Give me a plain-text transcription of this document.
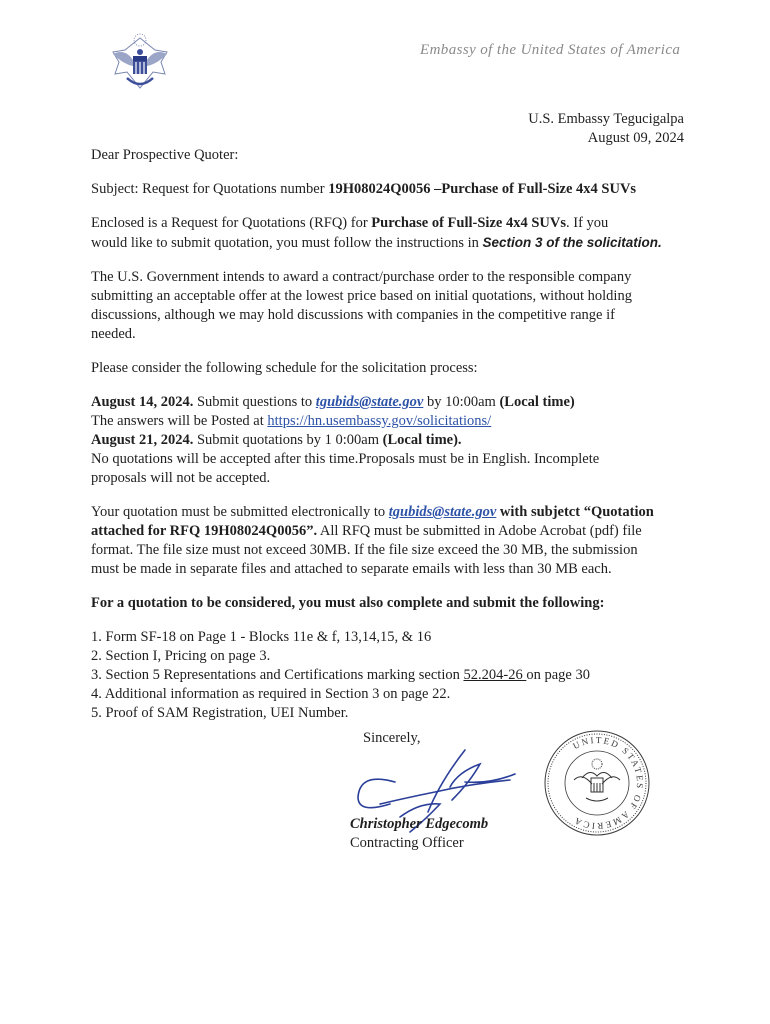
Embassy of the United States of America
U.S. Embassy Tegucigalpa
August 09, 2024

Dear Prospective Quoter:

Subject: Request for Quotations number 19H08024Q0056 –Purchase of Full-Size 4x4 SUVs

Enclosed is a Request for Quotations (RFQ) for Purchase of Full-Size 4x4 SUVs. If you
would like to submit quotation, you must follow the instructions in Section 3 of the solicitation.
The U.S. Government intends to award a contract/purchase order to the responsible company
submitting an acceptable offer at the lowest price based on initial quotations, without holding
discussions, although we may hold discussions with companies in the competitive range if
needed.

Please consider the following schedule for the solicitation process:

August 14, 2024. Submit questions to tgubids@state.gov by 10:00am (Local time)
The answers will be Posted at https://hn.usembassy.gov/solicitations/
August 21, 2024. Submit quotations by 1 0:00am (Local time).
No quotations will be accepted after this time.Proposals must be in English. Incomplete
proposals will not be accepted.
Your quotation must be submitted electronically to tgubids@state.gov with subjetct “Quotation
attached for RFQ 19H08024Q0056”. All RFQ must be submitted in Adobe Acrobat (pdf) file
format. The file size must not exceed 30MB. If the file size exceed the 30 MB, the submission
must be made in separate files and attached to separate emails with less than 30 MB each.

For a quotation to be considered, you must also complete and submit the following:

1. Form SF-18 on Page 1 - Blocks 11e & f, 13,14,15, & 16
2. Section I, Pricing on page 3.
3. Section 5 Representations and Certifications marking section 52.204-26 on page 30
4. Additional information as required in Section 3 on page 22.
5. Proof of SAM Registration, UEI Number.
Sincerely,
Christopher Edgecomb
Contracting Officer
UNITED STATES OF AMERICA
